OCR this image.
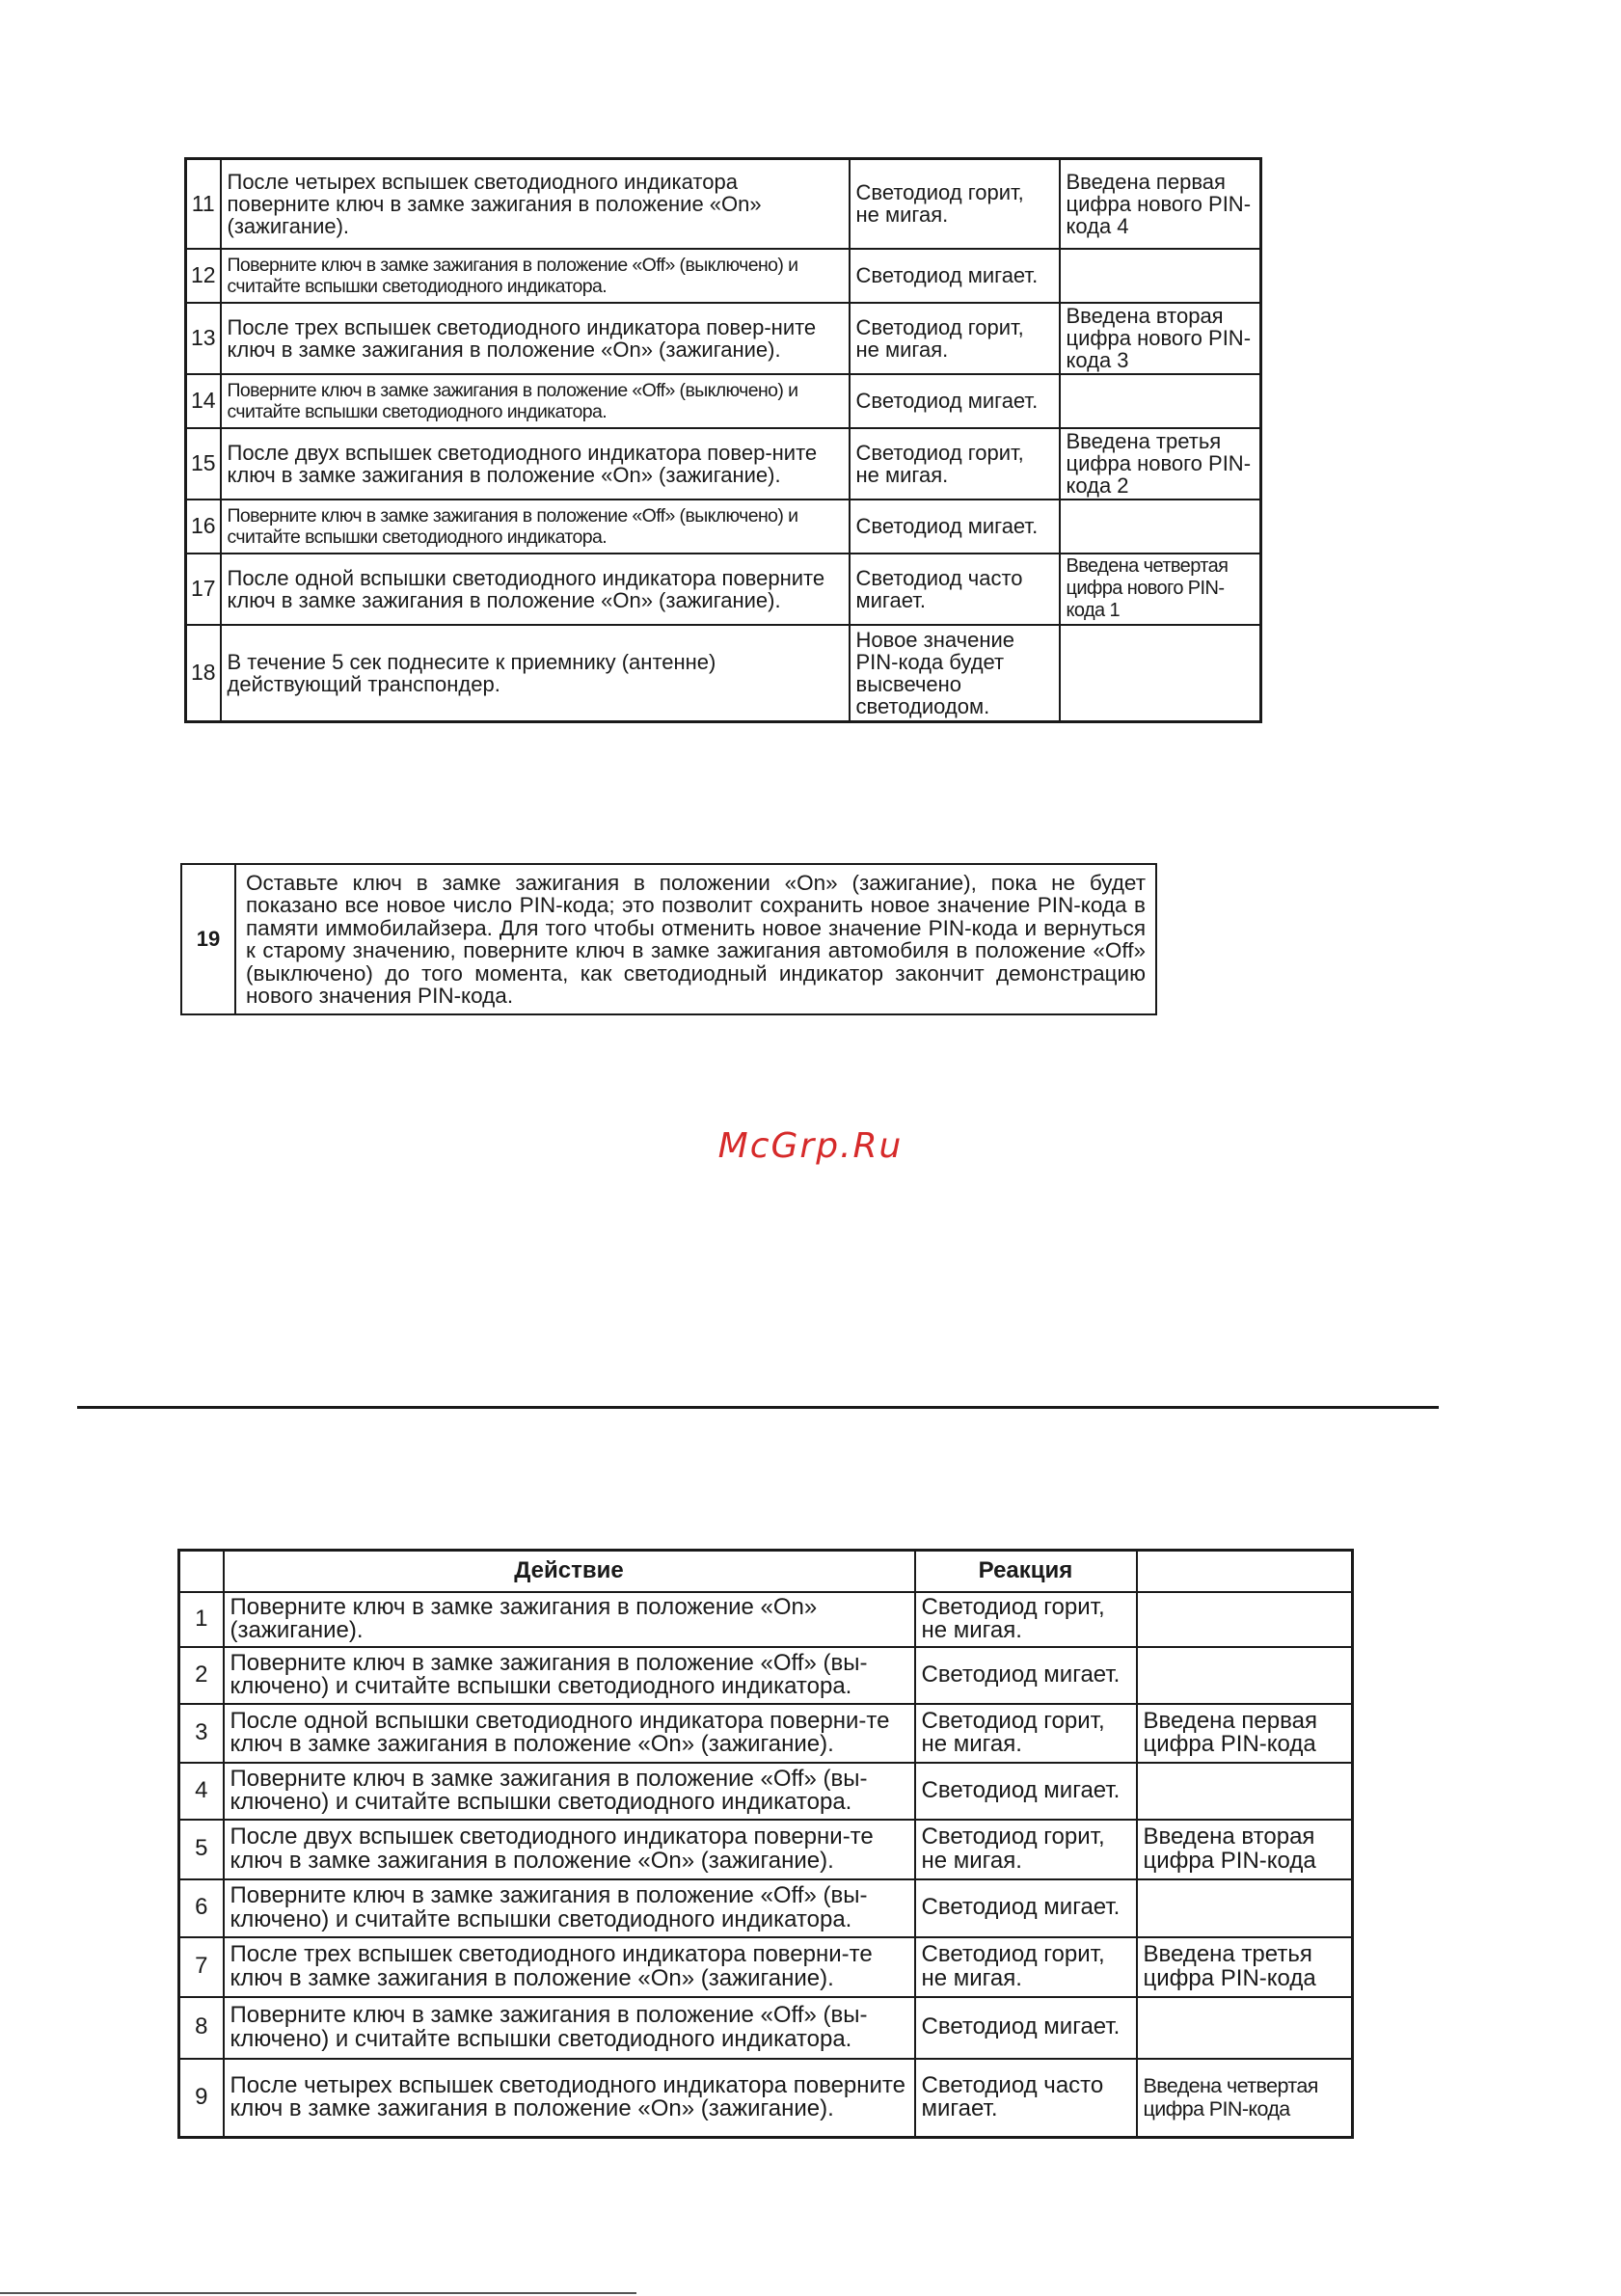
11	После четырех вспышек светодиодного индикатора поверните ключ в замке зажигания в положение «On» (зажигание).	Светодиод горит, не мигая.	Введена первая цифра нового PIN-кода 4
12	Поверните ключ в замке зажигания в положение «Off» (выключено) и считайте вспышки светодиодного индикатора.	Светодиод мигает.	
13	После трех вспышек светодиодного индикатора повер-ните ключ в замке зажигания в положение «On» (зажигание).	Светодиод горит, не мигая.	Введена вторая цифра нового PIN-кода 3
14	Поверните ключ в замке зажигания в положение «Off» (выключено) и считайте вспышки светодиодного индикатора.	Светодиод мигает.	
15	После двух вспышек светодиодного индикатора повер-ните ключ в замке зажигания в положение «On» (зажигание).	Светодиод горит, не мигая.	Введена третья цифра нового PIN-кода 2
16	Поверните ключ в замке зажигания в положение «Off» (выключено) и считайте вспышки светодиодного индикатора.	Светодиод мигает.	
17	После одной вспышки светодиодного индикатора поверните ключ в замке зажигания в положение «On» (зажигание).	Светодиод часто мигает.	Введена четвертая цифра нового PIN-кода 1
18	В течение 5 сек поднесите к приемнику (антенне) действующий транспондер.	Новое значение PIN-кода будет высвечено светодиодом.	
19	Оставьте ключ в замке зажигания в положении «On» (зажигание), пока не будет показано все новое число PIN-кода; это позволит сохранить новое значение PIN-кода в памяти иммобилайзера. Для того чтобы отменить новое значение PIN-кода и вернуться к старому значению, поверните ключ в замке зажигания автомобиля в положение «Off» (выключено) до того момента, как светодиодный индикатор закончит демонстрацию нового значения PIN-кода.
McGrp.Ru
	Действие	Реакция	
1	Поверните ключ в замке зажигания в положение «On» (зажигание).	Светодиод горит, не мигая.	
2	Поверните ключ в замке зажигания в положение «Off» (вы-ключено) и считайте вспышки светодиодного индикатора.	Светодиод мигает.	
3	После одной вспышки светодиодного индикатора поверни-те ключ в замке зажигания в положение «On» (зажигание).	Светодиод горит, не мигая.	Введена первая цифра PIN-кода
4	Поверните ключ в замке зажигания в положение «Off» (вы-ключено) и считайте вспышки светодиодного индикатора.	Светодиод мигает.	
5	После двух вспышек светодиодного индикатора поверни-те ключ в замке зажигания в положение «On» (зажигание).	Светодиод горит, не мигая.	Введена вторая цифра PIN-кода
6	Поверните ключ в замке зажигания в положение «Off» (вы-ключено) и считайте вспышки светодиодного индикатора.	Светодиод мигает.	
7	После трех вспышек светодиодного индикатора поверни-те ключ в замке зажигания в положение «On» (зажигание).	Светодиод горит, не мигая.	Введена третья цифра PIN-кода
8	Поверните ключ в замке зажигания в положение «Off» (вы-ключено) и считайте вспышки светодиодного индикатора.	Светодиод мигает.	
9	После четырех вспышек светодиодного индикатора поверните ключ в замке зажигания в положение «On» (зажигание).	Светодиод часто мигает.	Введена четвертая цифра PIN-кода
